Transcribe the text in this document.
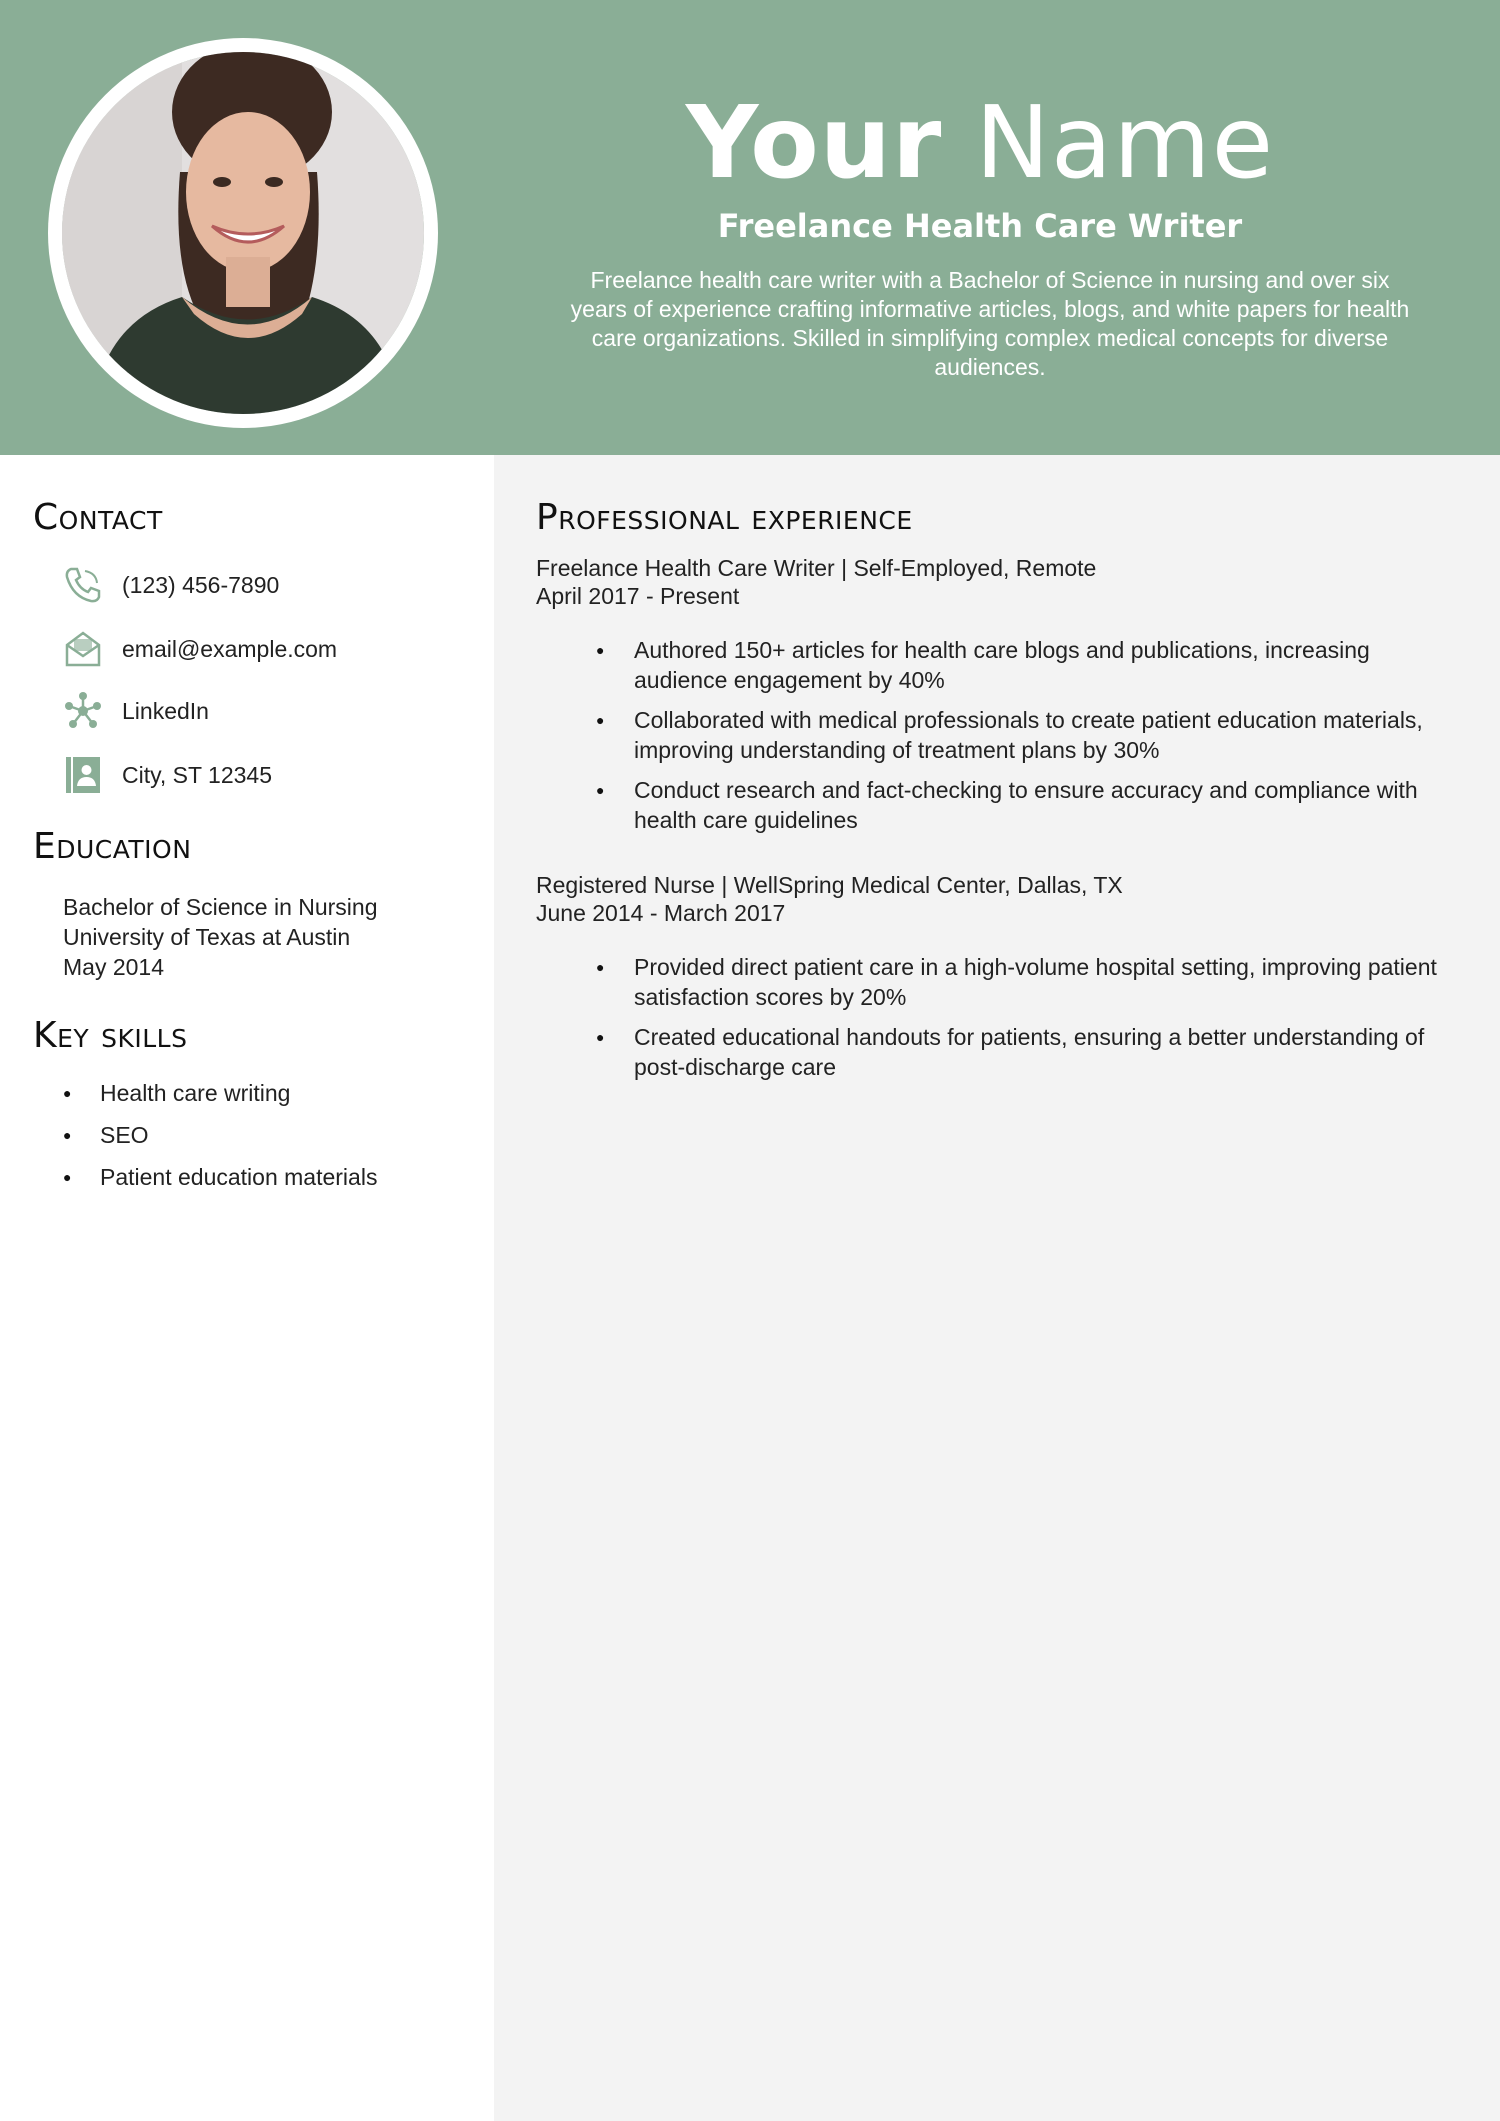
Your Name
Freelance Health Care Writer
Freelance health care writer with a Bachelor of Science in nursing and over six years of experience crafting informative articles, blogs, and white papers for health care organizations. Skilled in simplifying complex medical concepts for diverse audiences.
Contact
(123) 456-7890
email@example.com
LinkedIn
City, ST 12345
Education
Bachelor of Science in Nursing
University of Texas at Austin
May 2014
Key skills
● Health care writing
● SEO
● Patient education materials
Professional experience
Freelance Health Care Writer | Self-Employed, Remote
April 2017 - Present
● Authored 150+ articles for health care blogs and publications, increasing audience engagement by 40%
● Collaborated with medical professionals to create patient education materials, improving understanding of treatment plans by 30%
● Conduct research and fact-checking to ensure accuracy and compliance with health care guidelines
Registered Nurse | WellSpring Medical Center, Dallas, TX
June 2014 - March 2017
● Provided direct patient care in a high-volume hospital setting, improving patient satisfaction scores by 20%
● Created educational handouts for patients, ensuring a better understanding of post-discharge care
